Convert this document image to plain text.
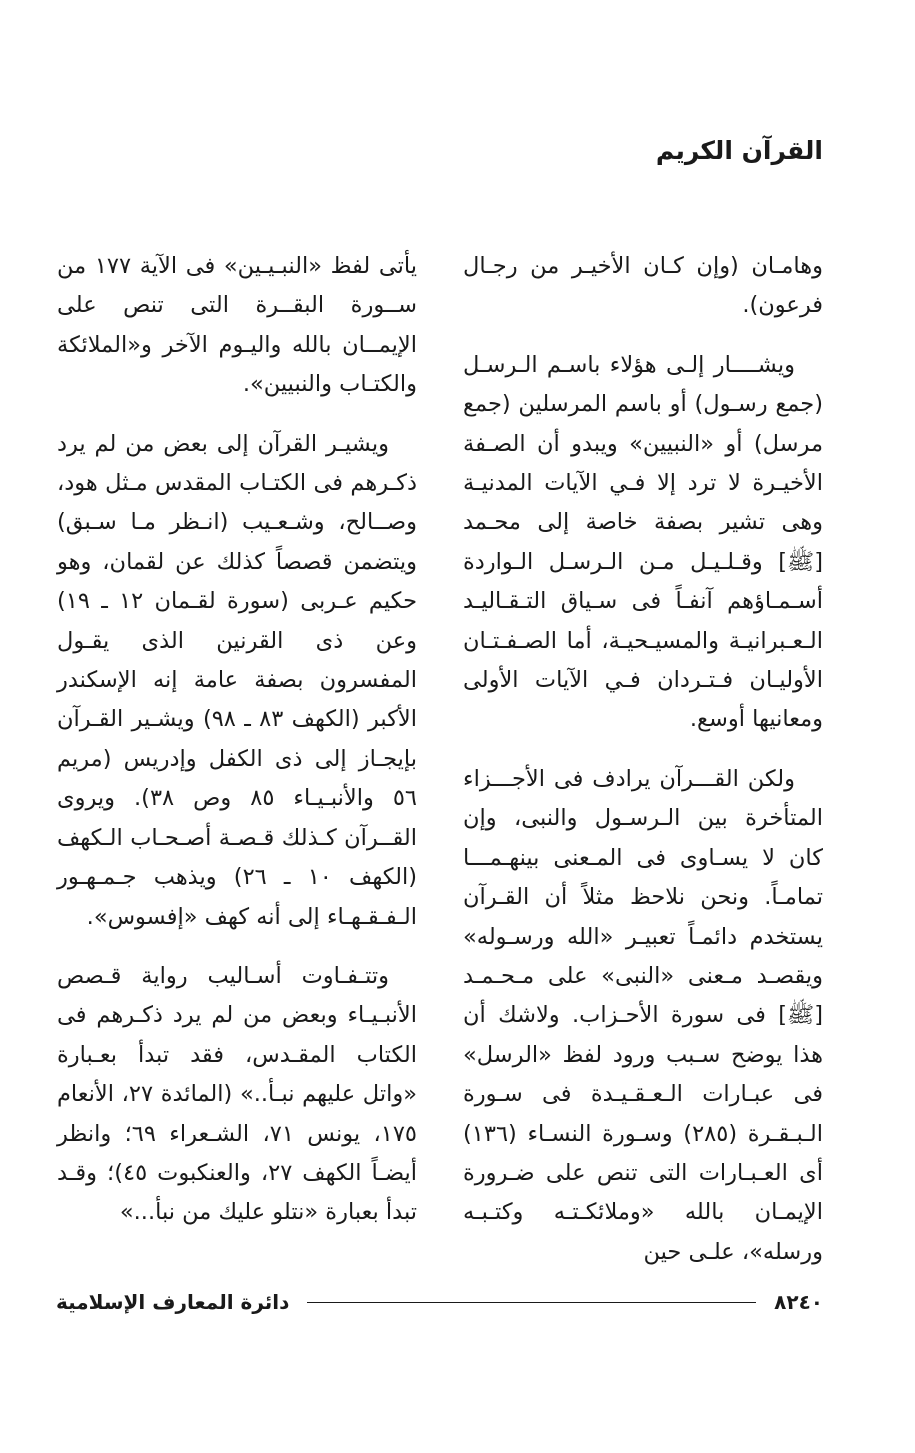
القرآن الكريم

وهامـان (وإن كـان الأخيـر من رجـال فرعون).

ويشــــار إلـى هؤلاء باسـم الـرسـل (جمع رسـول) أو باسم المرسلين (جمع مرسل) أو «النبيين» ويبدو أن الصـفة الأخيـرة لا ترد إلا فـي الآيات المدنيـة وهى تشير بصفة خاصة إلى محـمد [ﷺ] وقـلـيـل مـن الـرسـل الـواردة أسـمـاؤهم آنفـاً فى سـياق التـقـاليـد الـعـبرانيـة والمسيـحيـة، أما الصـفـتـان الأوليـان فـتـردان فـي الآيات الأولى ومعانيها أوسع.

ولكن القـــرآن يرادف فى الأجـــزاء المتأخرة بين الـرسـول والنبى، وإن كان لا يسـاوى فى المـعنى بينهـمـــا تمامـاً. ونحن نلاحظ مثلاً أن القـرآن يستخدم دائمـاً تعبيـر «الله ورسـوله» ويقصـد مـعنى «النبى» على مـحـمـد [ﷺ] فى سورة الأحـزاب. ولاشك أن هذا يوضح سـبب ورود لفظ «الرسل» فى عبـارات الـعـقـيـدة فى سـورة الـبـقـرة (٢٨٥) وسـورة النسـاء (١٣٦) أى العـبـارات التى تنص على ضـرورة الإيمـان بالله «وملائكـتـه وكتـبـه ورسله»، علـى حين

يأتى لفظ «النبـيـين» فى الآية ١٧٧ من ســورة البقــرة التى تنص على الإيمــان بالله واليـوم الآخر و«الملائكة والكتـاب والنبيين».

ويشيـر القرآن إلى بعض من لم يرد ذكـرهم فى الكتـاب المقدس مـثل هود، وصــالح، وشـعـيب (انـظر مـا سـبق) ويتضمن قصصاً كذلك عن لقمان، وهو حكيم عـربى (سورة لقـمان ١٢ ـ ١٩) وعن ذى القرنين الذى يقـول المفسرون بصفة عامة إنه الإسكندر الأكبر (الكهف ٨٣ ـ ٩٨) ويشـير القـرآن بإيجـاز إلى ذى الكفل وإدريس (مريم ٥٦ والأنبـيـاء ٨٥ وص ٣٨). ويروى القــرآن كـذلك قـصـة أصـحـاب الـكهف (الكهف ١٠ ـ ٢٦) ويذهب جـمـهـور الـفـقـهـاء إلى أنه كهف «إفسوس».

وتتـفـاوت أسـاليب رواية قـصص الأنبـيـاء وبعض من لم يرد ذكـرهم فى الكتاب المقـدس، فقد تبدأ بعـبارة «واتل عليهم نبـأ..» (المائدة ٢٧، الأنعام ١٧٥، يونس ٧١، الشـعراء ٦٩؛ وانظر أيضـاً الكهف ٢٧، والعنكبوت ٤٥)؛ وقـد تبدأ بعبارة «نتلو عليك من نبأ...»

٨٢٤٠
دائرة المعارف الإسلامية
